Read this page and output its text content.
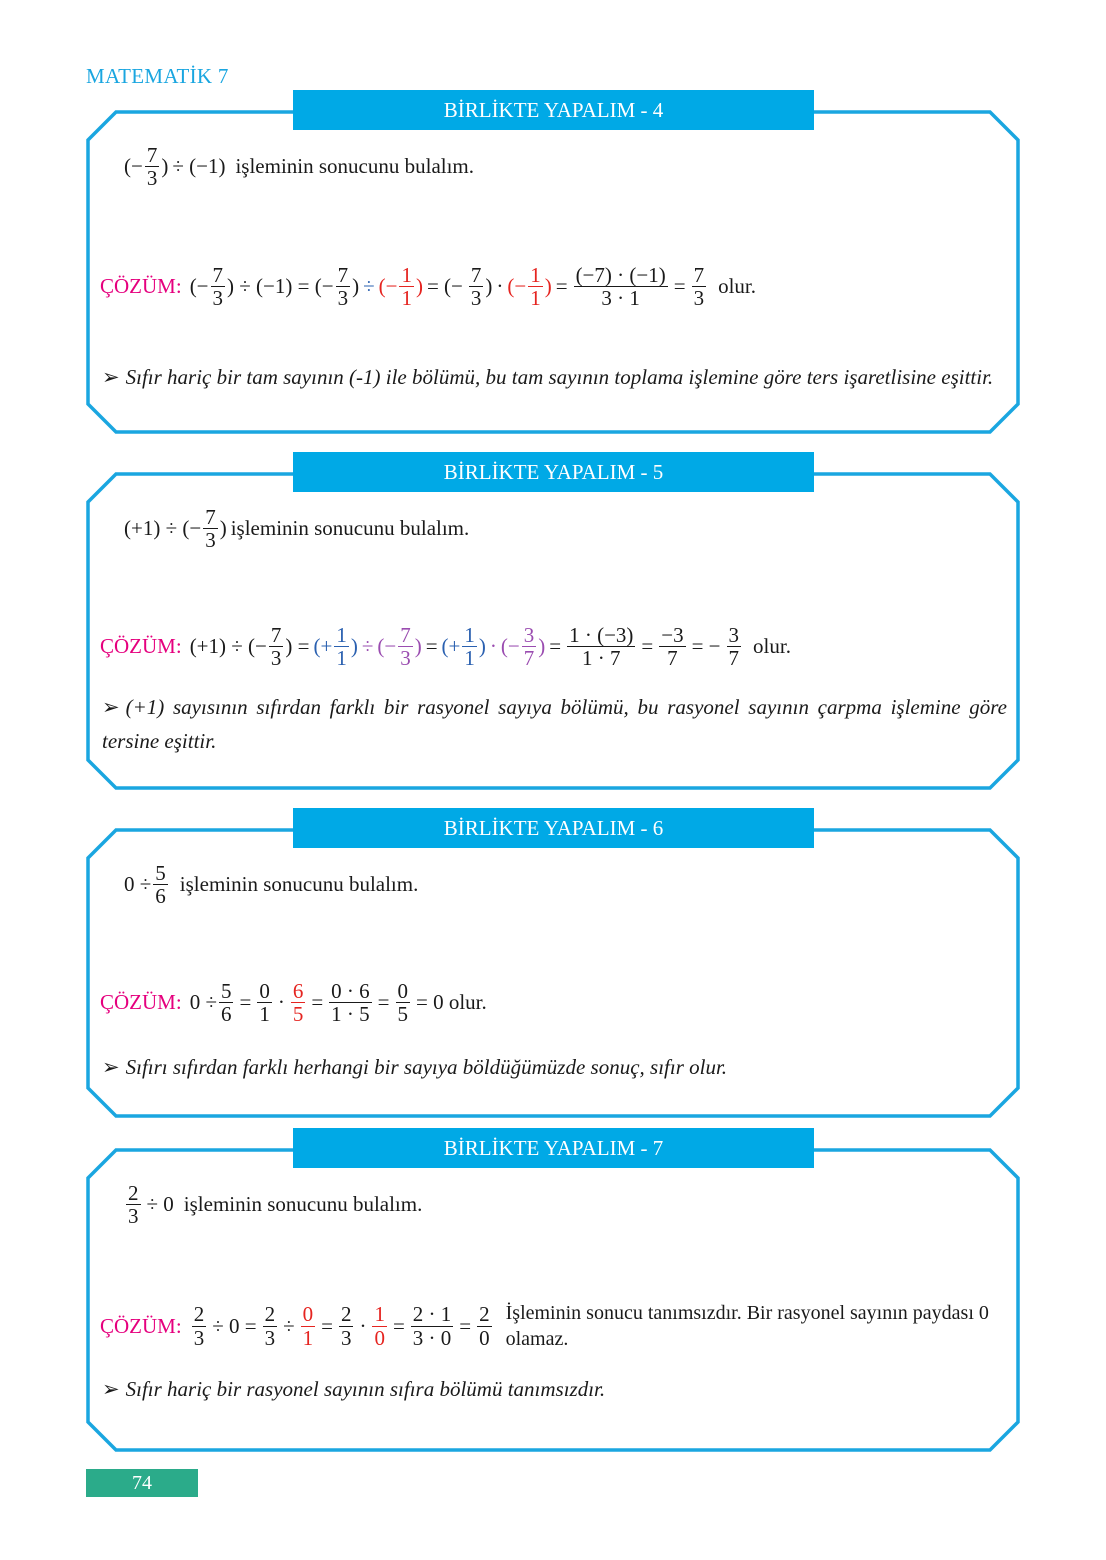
MATEMATİK 7
BİRLİKTE YAPALIM - 4
(− $\frac{7}{3}$ ) ÷ (−1) işleminin sonucunu bulalım.
ÇÖZÜM: (− $\frac{7}{3}$ ) ÷ (−1) = (− $\frac{7}{3}$ ) ÷ (− $\frac{1}{1}$ ) = (− $\frac{7}{3}$ ) · (− $\frac{1}{1}$ ) = $\frac{(-7) \cdot (-1)}{3 \cdot 1} = \frac{7}{3}$ olur.
➢ Sıfır hariç bir tam sayının (-1) ile bölümü, bu tam sayının toplama işlemine göre ters işaretlisine eşittir.
BİRLİKTE YAPALIM - 5
(+1) ÷ (− $\frac{7}{3}$ ) işleminin sonucunu bulalım.
ÇÖZÜM: (+1) ÷ (− $\frac{7}{3}$ ) = (+ $\frac{1}{1}$ ) ÷ (− $\frac{7}{3}$ ) = (+ $\frac{1}{1}$ ) · (− $\frac{3}{7}$ ) = $\frac{1 \cdot (-3)}{1 \cdot 7} = \frac{-3}{7}$ = − $\frac{3}{7}$ olur.
➢ (+1) sayısının sıfırdan farklı bir rasyonel sayıya bölümü, bu rasyonel sayının çarpma işlemine göre tersine eşittir.
BİRLİKTE YAPALIM - 6
$0 \div \frac{5}{6}$ işleminin sonucunu bulalım.
ÇÖZÜM: $0 \div \frac{5}{6} = \frac{0}{1} \cdot \frac{6}{5} = \frac{0 \cdot 6}{1 \cdot 5} = \frac{0}{5} = 0$ olur.
➢ Sıfırı sıfırdan farklı herhangi bir sayıya böldüğümüzde sonuç, sıfır olur.
BİRLİKTE YAPALIM - 7
$\frac{2}{3} \div 0$ işleminin sonucunu bulalım.
ÇÖZÜM: $\frac{2}{3} \div 0 = \frac{2}{3} \div \frac{0}{1} = \frac{2}{3} \cdot \frac{1}{0} = \frac{2 \cdot 1}{3 \cdot 0} = \frac{2}{0}$ İşleminin sonucu tanımsızdır. Bir rasyonel sayının paydası 0 olamaz.
➢ Sıfır hariç bir rasyonel sayının sıfıra bölümü tanımsızdır.
74
